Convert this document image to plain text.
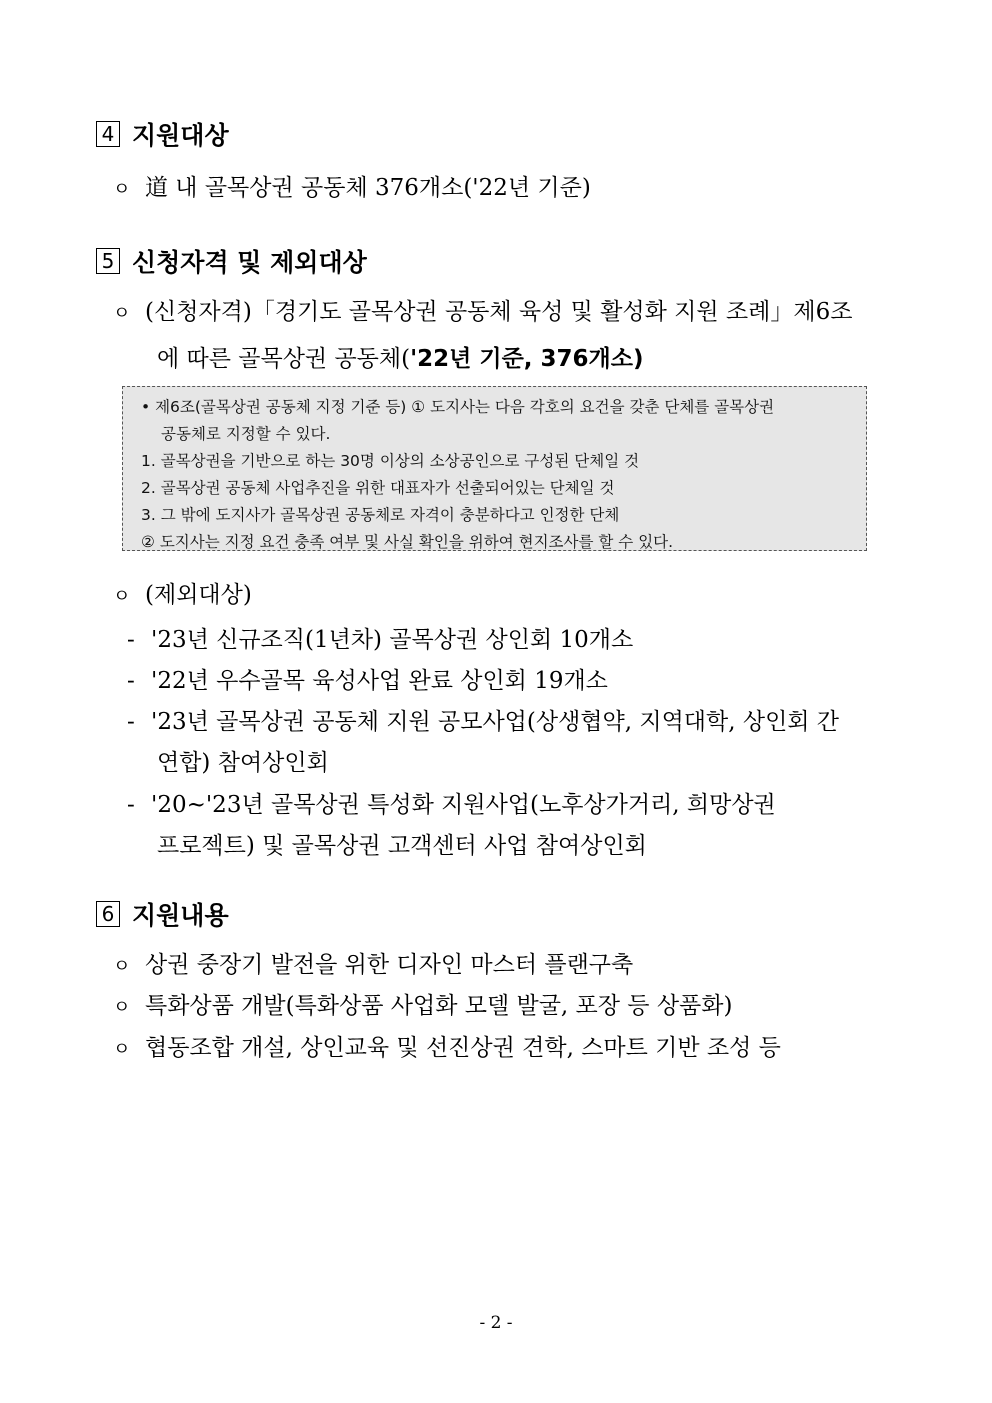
4 지원대상
ㅇ 道 내 골목상권 공동체 376개소('22년 기준)
5 신청자격 및 제외대상
ㅇ (신청자격)「경기도 골목상권 공동체 육성 및 활성화 지원 조례」제6조
에 따른 골목상권 공동체('22년 기준, 376개소)
• 제6조(골목상권 공동체 지정 기준 등) ① 도지사는 다음 각호의 요건을 갖춘 단체를 골목상권
공동체로 지정할 수 있다.
1. 골목상권을 기반으로 하는 30명 이상의 소상공인으로 구성된 단체일 것
2. 골목상권 공동체 사업추진을 위한 대표자가 선출되어있는 단체일 것
3. 그 밖에 도지사가 골목상권 공동체로 자격이 충분하다고 인정한 단체
② 도지사는 지정 요건 충족 여부 및 사실 확인을 위하여 현지조사를 할 수 있다.
ㅇ (제외대상)
- '23년 신규조직(1년차) 골목상권 상인회 10개소
- '22년 우수골목 육성사업 완료 상인회 19개소
- '23년 골목상권 공동체 지원 공모사업(상생협약, 지역대학, 상인회 간
연합) 참여상인회
- '20~'23년 골목상권 특성화 지원사업(노후상가거리, 희망상권
프로젝트) 및 골목상권 고객센터 사업 참여상인회
6 지원내용
ㅇ 상권 중장기 발전을 위한 디자인 마스터 플랜구축
ㅇ 특화상품 개발(특화상품 사업화 모델 발굴, 포장 등 상품화)
ㅇ 협동조합 개설, 상인교육 및 선진상권 견학, 스마트 기반 조성 등
- 2 -
